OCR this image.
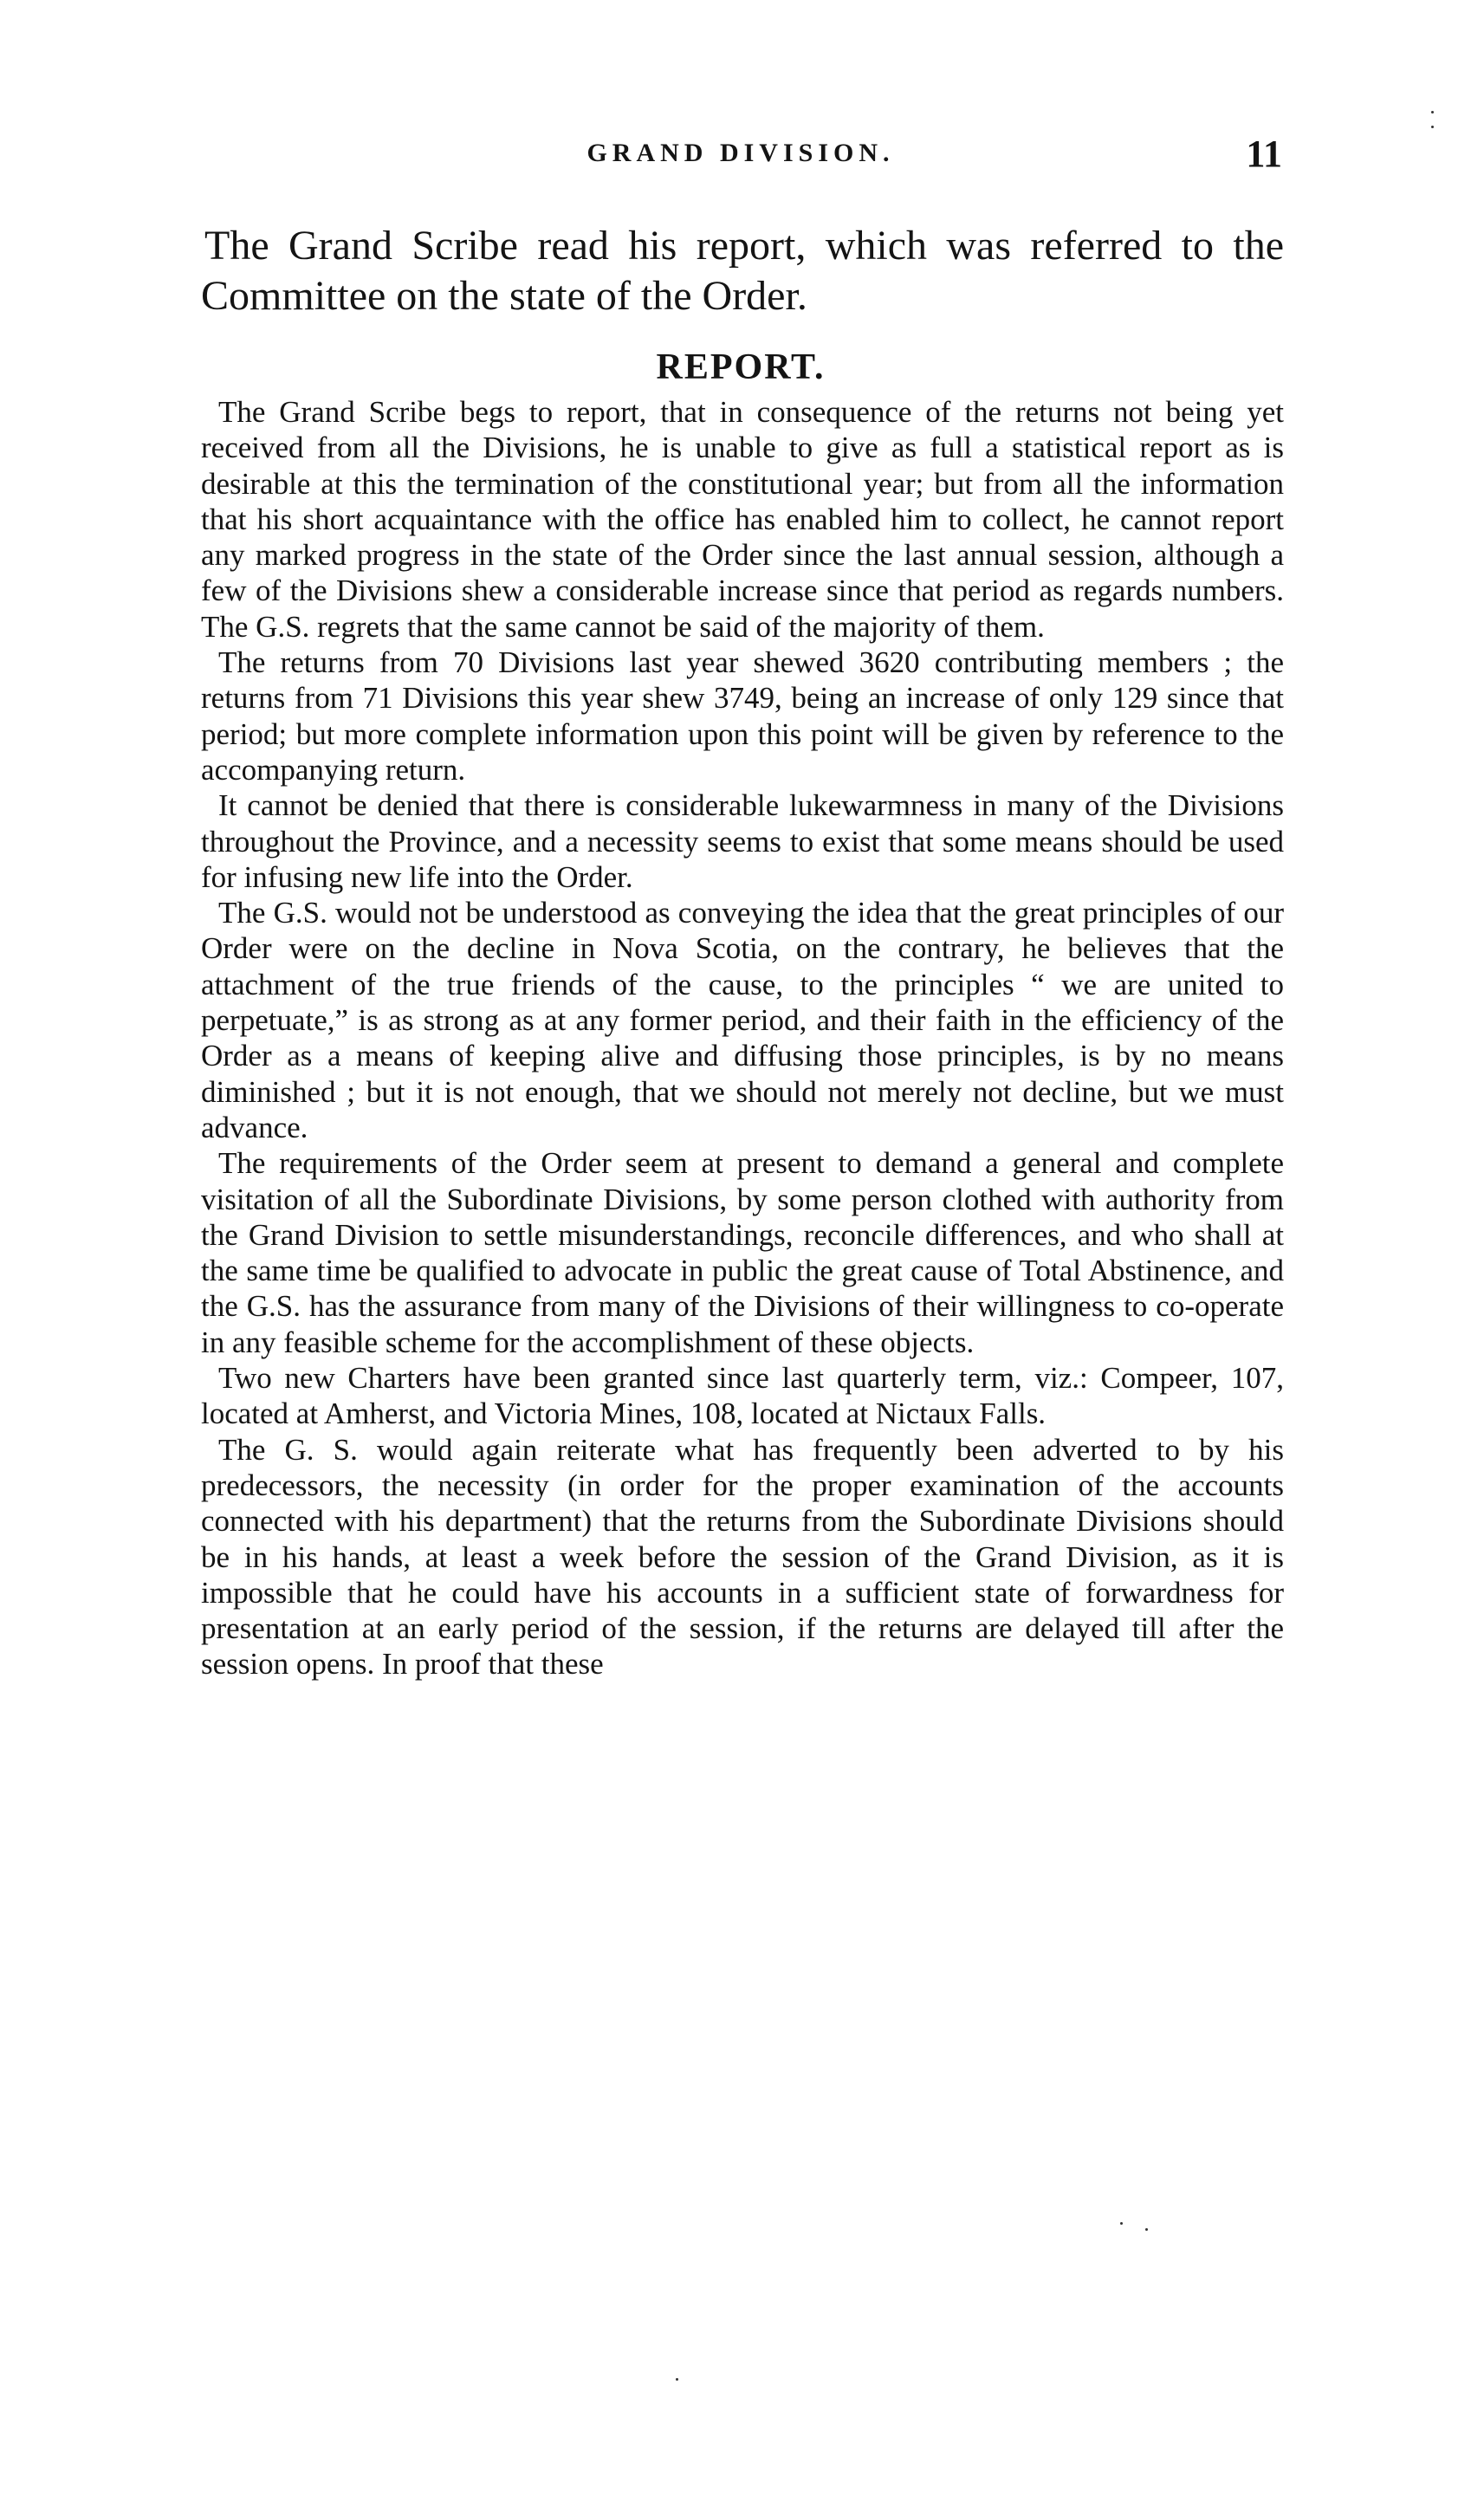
GRAND DIVISION.	11

The Grand Scribe read his report, which was referred to the Committee on the state of the Order.

REPORT.

The Grand Scribe begs to report, that in consequence of the returns not being yet received from all the Divisions, he is unable to give as full a statistical report as is desirable at this the termination of the constitutional year; but from all the information that his short acquaintance with the office has enabled him to collect, he cannot report any marked progress in the state of the Order since the last annual session, although a few of the Divisions shew a considerable increase since that period as regards numbers. The G.S. regrets that the same cannot be said of the majority of them.

The returns from 70 Divisions last year shewed 3620 contributing members ; the returns from 71 Divisions this year shew 3749, being an increase of only 129 since that period; but more complete information upon this point will be given by reference to the accompanying return.

It cannot be denied that there is considerable lukewarmness in many of the Divisions throughout the Province, and a necessity seems to exist that some means should be used for infusing new life into the Order.

The G.S. would not be understood as conveying the idea that the great principles of our Order were on the decline in Nova Scotia, on the contrary, he believes that the attachment of the true friends of the cause, to the principles “ we are united to perpetuate,” is as strong as at any former period, and their faith in the efficiency of the Order as a means of keeping alive and diffusing those principles, is by no means diminished ; but it is not enough, that we should not merely not decline, but we must advance.

The requirements of the Order seem at present to demand a general and complete visitation of all the Subordinate Divisions, by some person clothed with authority from the Grand Division to settle misunderstandings, reconcile differences, and who shall at the same time be qualified to advocate in public the great cause of Total Abstinence, and the G.S. has the assurance from many of the Divisions of their willingness to co-operate in any feasible scheme for the accomplishment of these objects.

Two new Charters have been granted since last quarterly term, viz.: Compeer, 107, located at Amherst, and Victoria Mines, 108, located at Nictaux Falls.

The G. S. would again reiterate what has frequently been adverted to by his predecessors, the necessity (in order for the proper examination of the accounts connected with his department) that the returns from the Subordinate Divisions should be in his hands, at least a week before the session of the Grand Division, as it is impossible that he could have his accounts in a sufficient state of forwardness for presentation at an early period of the session, if the returns are delayed till after the session opens. In proof that these
